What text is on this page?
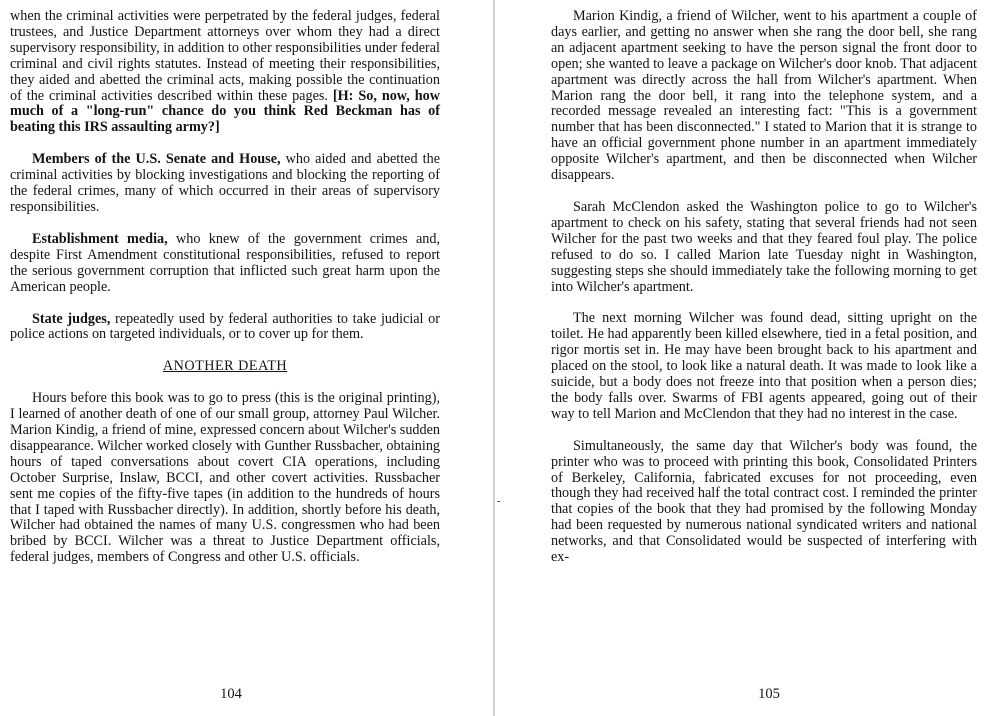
when the criminal activities were perpetrated by the federal judges, federal trustees, and Justice Department attorneys over whom they had a direct supervisory responsibility, in addition to other responsibilities under federal criminal and civil rights statutes. Instead of meeting their responsibilities, they aided and abetted the criminal acts, making possible the continuation of the criminal activities described within these pages. [H: So, now, how much of a "long-run" chance do you think Red Beckman has of beating this IRS assaulting army?]

Members of the U.S. Senate and House, who aided and abetted the criminal activities by blocking investigations and blocking the reporting of the federal crimes, many of which occurred in their areas of supervisory responsibilities.

Establishment media, who knew of the government crimes and, despite First Amendment constitutional responsibilities, refused to report the serious government corruption that inflicted such great harm upon the American people.

State judges, repeatedly used by federal authorities to take judicial or police actions on targeted individuals, or to cover up for them.

ANOTHER DEATH

Hours before this book was to go to press (this is the original printing), I learned of another death of one of our small group, attorney Paul Wilcher. Marion Kindig, a friend of mine, expressed concern about Wilcher's sudden disappearance. Wilcher worked closely with Gunther Russbacher, obtaining hours of taped conversations about covert CIA operations, including October Surprise, Inslaw, BCCI, and other covert activities. Russbacher sent me copies of the fifty-five tapes (in addition to the hundreds of hours that I taped with Russbacher directly). In addition, shortly before his death, Wilcher had obtained the names of many U.S. congressmen who had been bribed by BCCI. Wilcher was a threat to Justice Department officials, federal judges, members of Congress and other U.S. officials.

104
-

Marion Kindig, a friend of Wilcher, went to his apartment a couple of days earlier, and getting no answer when she rang the door bell, she rang an adjacent apartment seeking to have the person signal the front door to open; she wanted to leave a package on Wilcher's door knob. That adjacent apartment was directly across the hall from Wilcher's apartment. When Marion rang the door bell, it rang into the telephone system, and a recorded message revealed an interesting fact: "This is a government number that has been disconnected." I stated to Marion that it is strange to have an official government phone number in an apartment immediately opposite Wilcher's apartment, and then be disconnected when Wilcher disappears.

Sarah McClendon asked the Washington police to go to Wilcher's apartment to check on his safety, stating that several friends had not seen Wilcher for the past two weeks and that they feared foul play. The police refused to do so. I called Marion late Tuesday night in Washington, suggesting steps she should immediately take the following morning to get into Wilcher's apartment.

The next morning Wilcher was found dead, sitting upright on the toilet. He had apparently been killed elsewhere, tied in a fetal position, and rigor mortis set in. He may have been brought back to his apartment and placed on the stool, to look like a natural death. It was made to look like a suicide, but a body does not freeze into that position when a person dies; the body falls over. Swarms of FBI agents appeared, going out of their way to tell Marion and McClendon that they had no interest in the case.

Simultaneously, the same day that Wilcher's body was found, the printer who was to proceed with printing this book, Consolidated Printers of Berkeley, California, fabricated excuses for not proceeding, even though they had received half the total contract cost. I reminded the printer that copies of the book that they had promised by the following Monday had been requested by numerous national syndicated writers and national networks, and that Consolidated would be suspected of interfering with ex-

105
